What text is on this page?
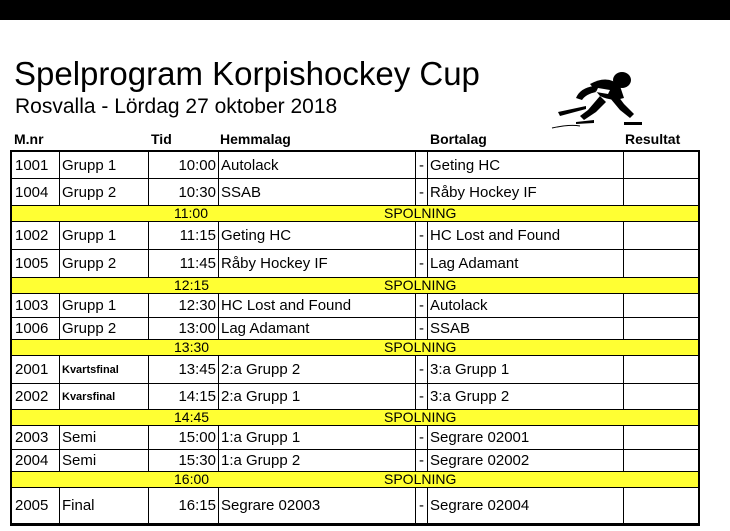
Spelprogram Korpishockey Cup
Rosvalla - Lördag 27 oktober 2018
M.nr	Tid	Hemmalag	Bortalag	Resultat
1001 Grupp 1	10:00 Autolack	- Geting HC
1004 Grupp 2	10:30 SSAB	- Råby Hockey IF
11:00	SPOLNING
1002 Grupp 1	11:15 Geting HC	- HC Lost and Found
1005 Grupp 2	11:45 Råby Hockey IF	- Lag Adamant
12:15	SPOLNING
1003 Grupp 1	12:30 HC Lost and Found	- Autolack
1006 Grupp 2	13:00 Lag Adamant	- SSAB
13:30	SPOLNING
2001	Kvartsfinal	13:45 2:a Grupp 2	- 3:a Grupp 1
2002	Kvarsfinal	14:15 2:a Grupp 1	- 3:a Grupp 2
14:45	SPOLNING
2003 Semi	15:00 1:a Grupp 1	- Segrare 02001
2004 Semi	15:30 1:a Grupp 2	- Segrare 02002
16:00	SPOLNING
2005 Final	16:15 Segrare 02003	- Segrare 02004
